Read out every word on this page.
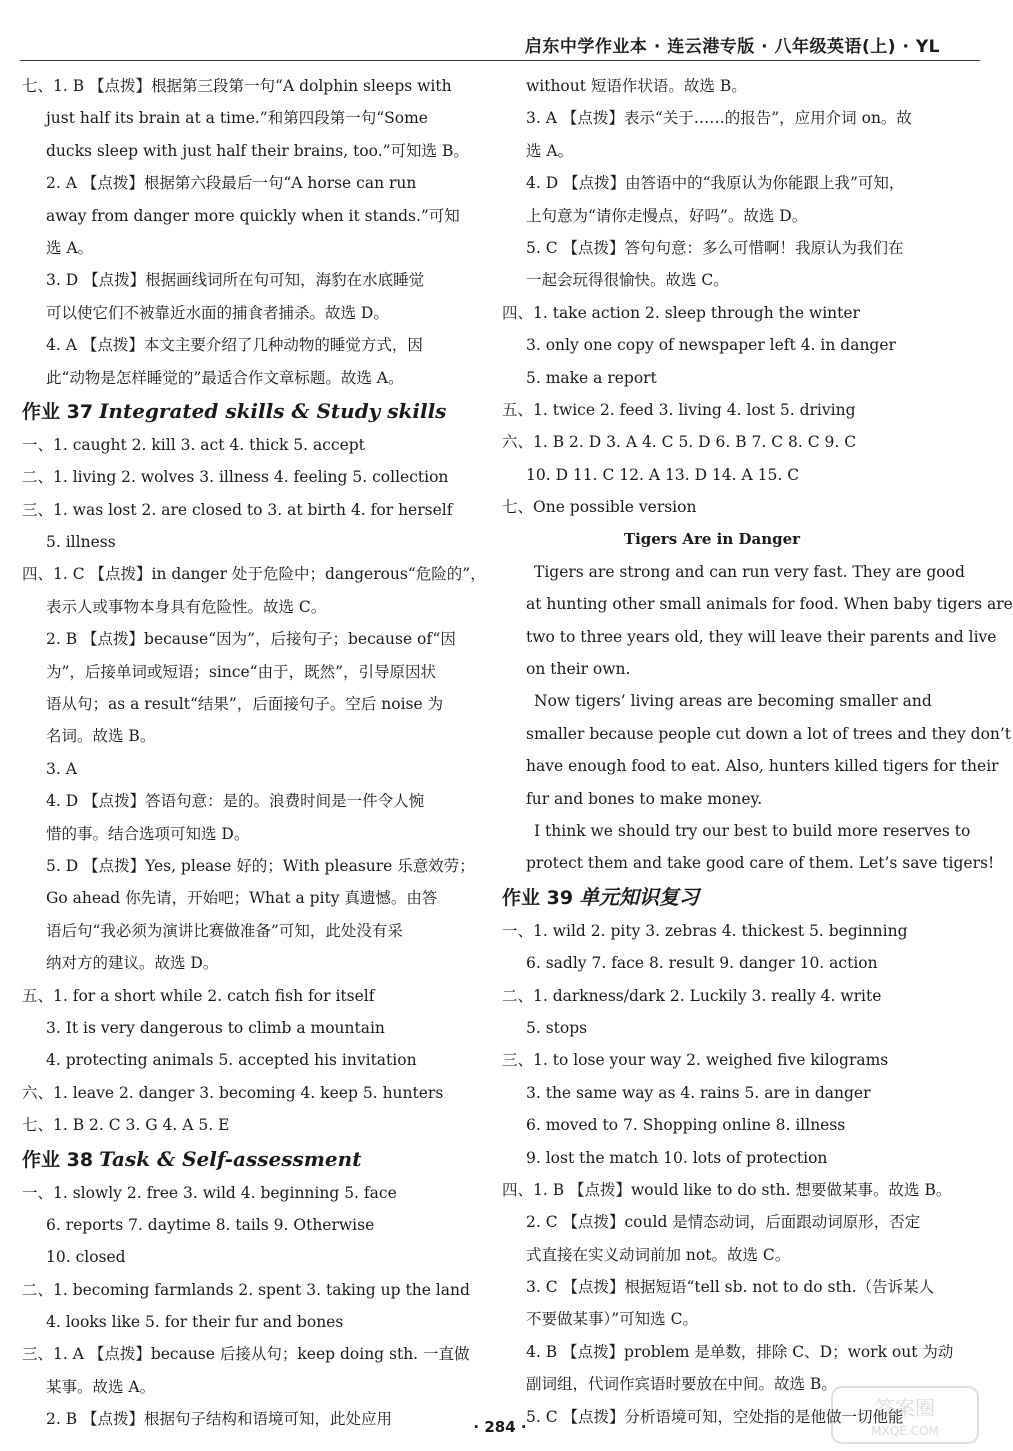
启东中学作业本 · 连云港专版 · 八年级英语(上) · YL
七、1. B 【点拨】根据第三段第一句“A dolphin sleeps with
just half its brain at a time.”和第四段第一句“Some
ducks sleep with just half their brains, too.”可知选 B。
2. A 【点拨】根据第六段最后一句“A horse can run
away from danger more quickly when it stands.”可知
选 A。
3. D 【点拨】根据画线词所在句可知，海豹在水底睡觉
可以使它们不被靠近水面的捕食者捕杀。故选 D。
4. A 【点拨】本文主要介绍了几种动物的睡觉方式，因
此“动物是怎样睡觉的”最适合作文章标题。故选 A。
作业 37 Integrated skills & Study skills
一、1. caught 2. kill 3. act 4. thick 5. accept
二、1. living 2. wolves 3. illness 4. feeling 5. collection
三、1. was lost 2. are closed to 3. at birth 4. for herself
5. illness
四、1. C 【点拨】in danger 处于危险中；dangerous“危险的”，
表示人或事物本身具有危险性。故选 C。
2. B 【点拨】because“因为”，后接句子；because of“因
为”，后接单词或短语；since“由于，既然”，引导原因状
语从句；as a result“结果”，后面接句子。空后 noise 为
名词。故选 B。
3. A
4. D 【点拨】答语句意：是的。浪费时间是一件令人惋
惜的事。结合选项可知选 D。
5. D 【点拨】Yes, please 好的；With pleasure 乐意效劳；
Go ahead 你先请，开始吧；What a pity 真遗憾。由答
语后句“我必须为演讲比赛做准备”可知，此处没有采
纳对方的建议。故选 D。
五、1. for a short while 2. catch fish for itself
3. It is very dangerous to climb a mountain
4. protecting animals 5. accepted his invitation
六、1. leave 2. danger 3. becoming 4. keep 5. hunters
七、1. B 2. C 3. G 4. A 5. E
作业 38 Task & Self-assessment
一、1. slowly 2. free 3. wild 4. beginning 5. face
6. reports 7. daytime 8. tails 9. Otherwise
10. closed
二、1. becoming farmlands 2. spent 3. taking up the land
4. looks like 5. for their fur and bones
三、1. A 【点拨】because 后接从句；keep doing sth. 一直做
某事。故选 A。
2. B 【点拨】根据句子结构和语境可知，此处应用
without 短语作状语。故选 B。
3. A 【点拨】表示“关于……的报告”，应用介词 on。故
选 A。
4. D 【点拨】由答语中的“我原认为你能跟上我”可知，
上句意为“请你走慢点，好吗”。故选 D。
5. C 【点拨】答句句意：多么可惜啊！我原认为我们在
一起会玩得很愉快。故选 C。
四、1. take action 2. sleep through the winter
3. only one copy of newspaper left 4. in danger
5. make a report
五、1. twice 2. feed 3. living 4. lost 5. driving
六、1. B 2. D 3. A 4. C 5. D 6. B 7. C 8. C 9. C
10. D 11. C 12. A 13. D 14. A 15. C
七、One possible version
Tigers Are in Danger
Tigers are strong and can run very fast. They are good
at hunting other small animals for food. When baby tigers are
two to three years old, they will leave their parents and live
on their own.
Now tigers’ living areas are becoming smaller and
smaller because people cut down a lot of trees and they don’t
have enough food to eat. Also, hunters killed tigers for their
fur and bones to make money.
I think we should try our best to build more reserves to
protect them and take good care of them. Let’s save tigers!
作业 39 单元知识复习
一、1. wild 2. pity 3. zebras 4. thickest 5. beginning
6. sadly 7. face 8. result 9. danger 10. action
二、1. darkness/dark 2. Luckily 3. really 4. write
5. stops
三、1. to lose your way 2. weighed five kilograms
3. the same way as 4. rains 5. are in danger
6. moved to 7. Shopping online 8. illness
9. lost the match 10. lots of protection
四、1. B 【点拨】would like to do sth. 想要做某事。故选 B。
2. C 【点拨】could 是情态动词，后面跟动词原形，否定
式直接在实义动词前加 not。故选 C。
3. C 【点拨】根据短语“tell sb. not to do sth.（告诉某人
不要做某事）”可知选 C。
4. B 【点拨】problem 是单数，排除 C、D；work out 为动
副词组，代词作宾语时要放在中间。故选 B。
5. C 【点拨】分析语境可知，空处指的是他做一切他能
· 284 ·
答案圈
MXQE.COM
